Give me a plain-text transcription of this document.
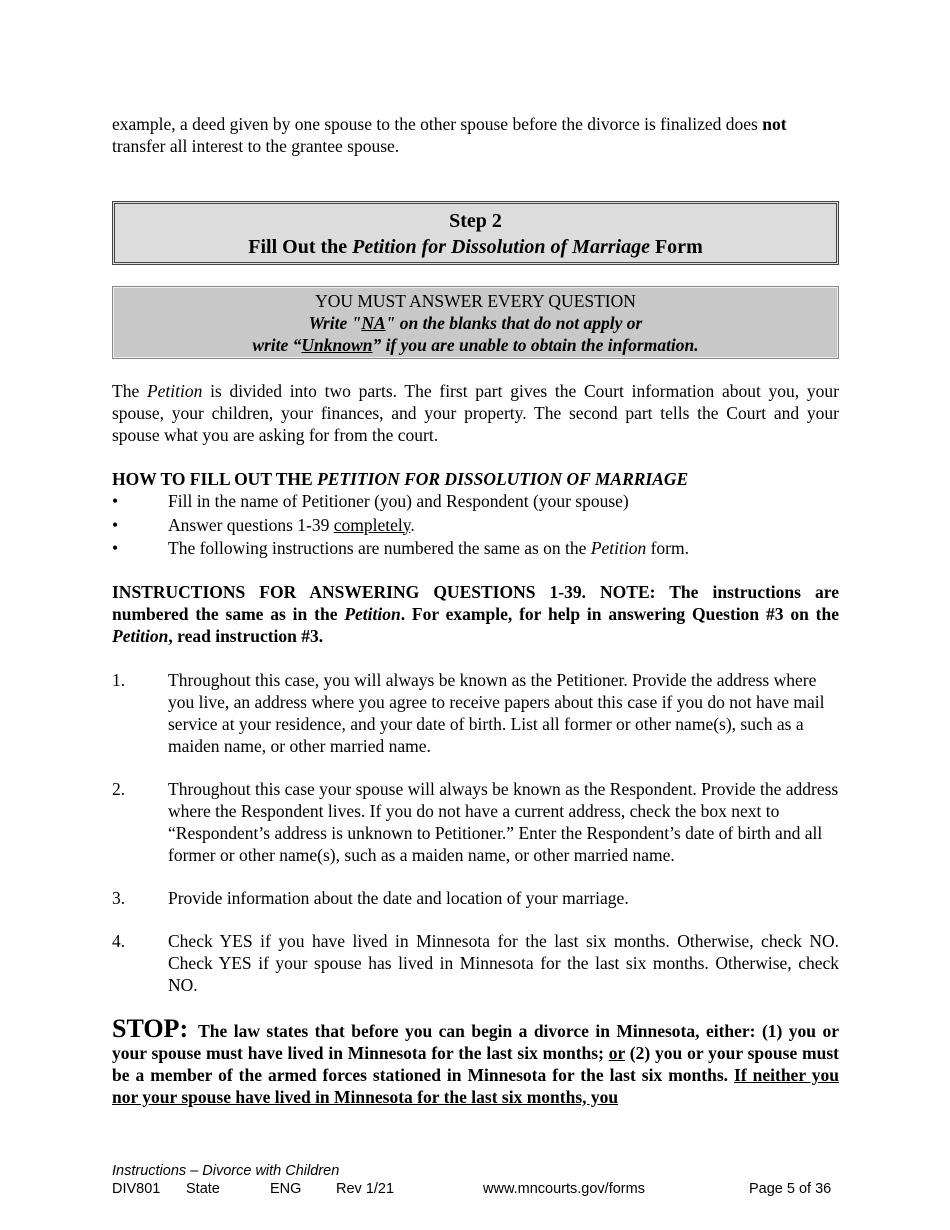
example, a deed given by one spouse to the other spouse before the divorce is finalized does not
transfer all interest to the grantee spouse.

Step 2
Fill Out the Petition for Dissolution of Marriage Form
YOU MUST ANSWER EVERY QUESTION
Write "NA" on the blanks that do not apply or
write “Unknown” if you are unable to obtain the information.

The Petition is divided into two parts. The first part gives the Court information about you, your spouse, your children, your finances, and your property. The second part tells the Court and your spouse what you are asking for from the court.

HOW TO FILL OUT THE PETITION FOR DISSOLUTION OF MARRIAGE
•	Fill in the name of Petitioner (you) and Respondent (your spouse)
•	Answer questions 1-39 completely.
•	The following instructions are numbered the same as on the Petition form.

INSTRUCTIONS FOR ANSWERING QUESTIONS 1-39. NOTE: The instructions are numbered the same as in the Petition. For example, for help in answering Question #3 on the Petition, read instruction #3.

1. Throughout this case, you will always be known as the Petitioner. Provide the address where you live, an address where you agree to receive papers about this case if you do not have mail service at your residence, and your date of birth. List all former or other name(s), such as a maiden name, or other married name.
2. Throughout this case your spouse will always be known as the Respondent. Provide the address where the Respondent lives. If you do not have a current address, check the box next to “Respondent’s address is unknown to Petitioner.” Enter the Respondent’s date of birth and all former or other name(s), such as a maiden name, or other married name.
3. Provide information about the date and location of your marriage.
4. Check YES if you have lived in Minnesota for the last six months. Otherwise, check NO. Check YES if your spouse has lived in Minnesota for the last six months. Otherwise, check NO.

STOP: The law states that before you can begin a divorce in Minnesota, either: (1) you or your spouse must have lived in Minnesota for the last six months; or (2) you or your spouse must be a member of the armed forces stationed in Minnesota for the last six months. If neither you nor your spouse have lived in Minnesota for the last six months, you

Instructions – Divorce with Children
DIV801 State	ENG Rev 1/21	www.mncourts.gov/forms	Page 5 of 36
